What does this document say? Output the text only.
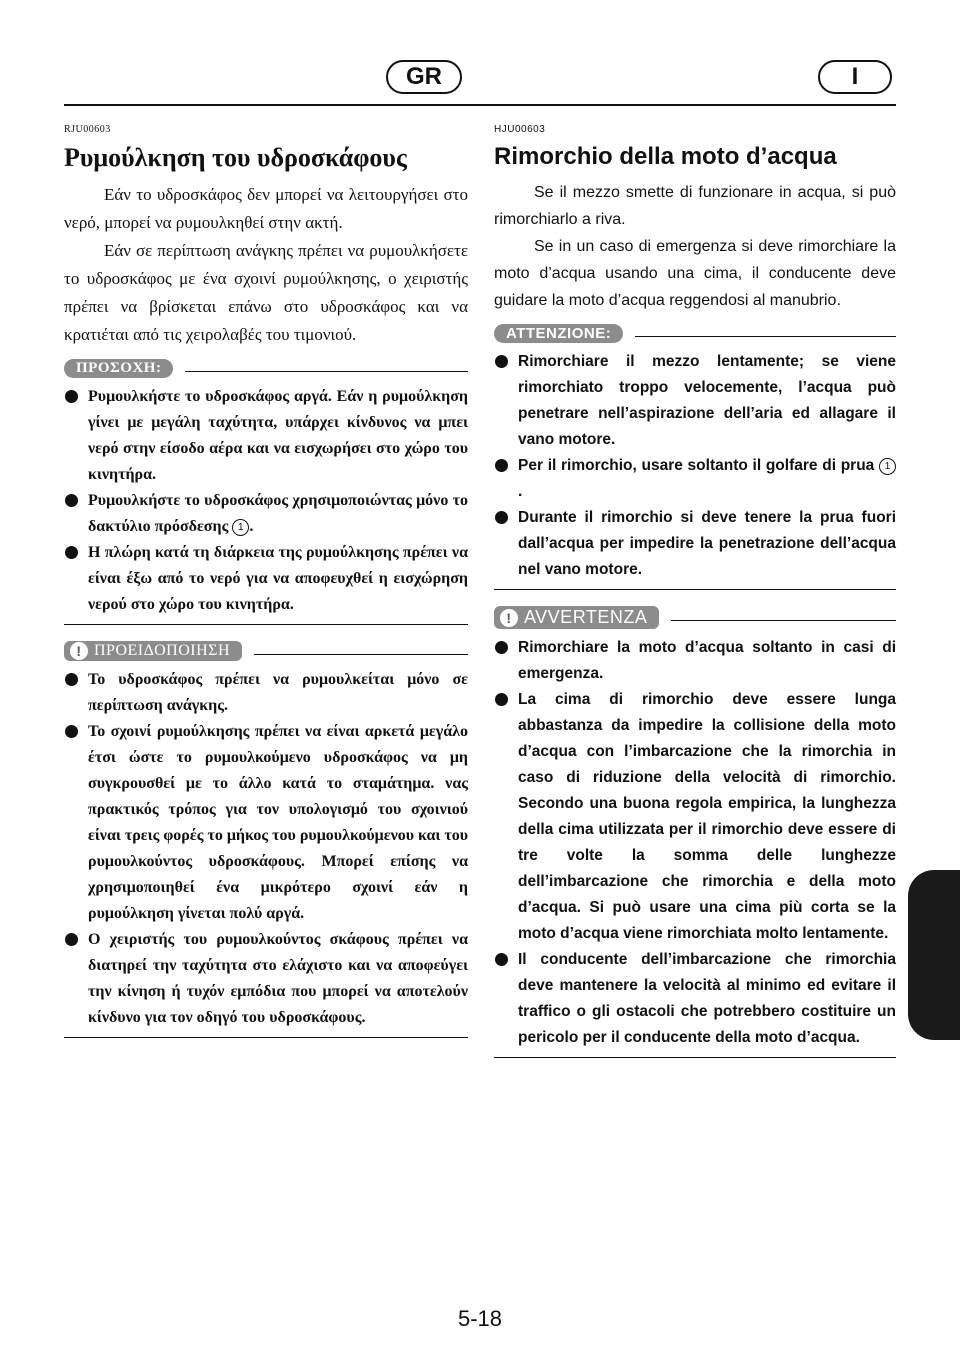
GR	I

RJU00603

Ρυμούλκηση του υδροσκάφους

Εάν το υδροσκάφος δεν μπορεί να λειτουργήσει στο νερό, μπορεί να ρυμουλκηθεί στην ακτή.

Εάν σε περίπτωση ανάγκης πρέπει να ρυμουλκήσετε το υδροσκάφος με ένα σχοινί ρυμούλκησης, ο χειριστής πρέπει να βρίσκεται επάνω στο υδροσκάφος και να κρατιέται από τις χειρολαβές του τιμονιού.

ΠΡΟΣΟΧΗ:
Ρυμουλκήστε το υδροσκάφος αργά. Εάν η ρυμούλκηση γίνει με μεγάλη ταχύτητα, υπάρχει κίνδυνος να μπει νερό στην είσοδο αέρα και να εισχωρήσει στο χώρο του κινητήρα.
Ρυμουλκήστε το υδροσκάφος χρησιμοποιώντας μόνο το δακτύλιο πρόσδεσης 1 .
Η πλώρη κατά τη διάρκεια της ρυμούλκησης πρέπει να είναι έξω από το νερό για να αποφευχθεί η εισχώρηση νερού στο χώρο του κινητήρα.
! ΠΡΟΕΙΔΟΠΟΙΗΣΗ
Το υδροσκάφος πρέπει να ρυμουλκείται μόνο σε περίπτωση ανάγκης.
Το σχοινί ρυμούλκησης πρέπει να είναι αρκετά μεγάλο έτσι ώστε το ρυμουλκούμενο υδροσκάφος να μη συγκρουσθεί με το άλλο κατά το σταμάτημα. νας πρακτικός τρόπος για τον υπολογισμό του σχοινιού είναι τρεις φορές το μήκος του ρυμουλκούμενου και του ρυμουλκούντος υδροσκάφους. Μπορεί επίσης να χρησιμοποιηθεί ένα μικρότερο σχοινί εάν η ρυμούλκηση γίνεται πολύ αργά.
Ο χειριστής του ρυμουλκούντος σκάφους πρέπει να διατηρεί την ταχύτητα στο ελάχιστο και να αποφεύγει την κίνηση ή τυχόν εμπόδια που μπορεί να αποτελούν κίνδυνο για τον οδηγό του υδροσκάφους.

HJU00603

Rimorchio della moto d’acqua

Se il mezzo smette di funzionare in acqua, si può rimorchiarlo a riva.

Se in un caso di emergenza si deve rimorchiare la moto d’acqua usando una cima, il conducente deve guidare la moto d’acqua reggendosi al manubrio.

ATTENZIONE:
Rimorchiare il mezzo lentamente; se viene rimorchiato troppo velocemente, l’acqua può penetrare nell’aspirazione dell’aria ed allagare il vano motore.
Per il rimorchio, usare soltanto il golfare di prua 1.
Durante il rimorchio si deve tenere la prua fuori dall’acqua per impedire la penetrazione dell’acqua nel vano motore.
! AVVERTENZA
Rimorchiare la moto d’acqua soltanto in casi di emergenza.
La cima di rimorchio deve essere lunga abbastanza da impedire la collisione della moto d’acqua con l’imbarcazione che la rimorchia in caso di riduzione della velocità di rimorchio. Secondo una buona regola empirica, la lunghezza della cima utilizzata per il rimorchio deve essere di tre volte la somma delle lunghezze dell’imbarcazione che rimorchia e della moto d’acqua. Si può usare una cima più corta se la moto d’acqua viene rimorchiata molto lentamente.
Il conducente dell’imbarcazione che rimorchia deve mantenere la velocità al minimo ed evitare il traffico o gli ostacoli che potrebbero costituire un pericolo per il conducente della moto d’acqua.
5-18
